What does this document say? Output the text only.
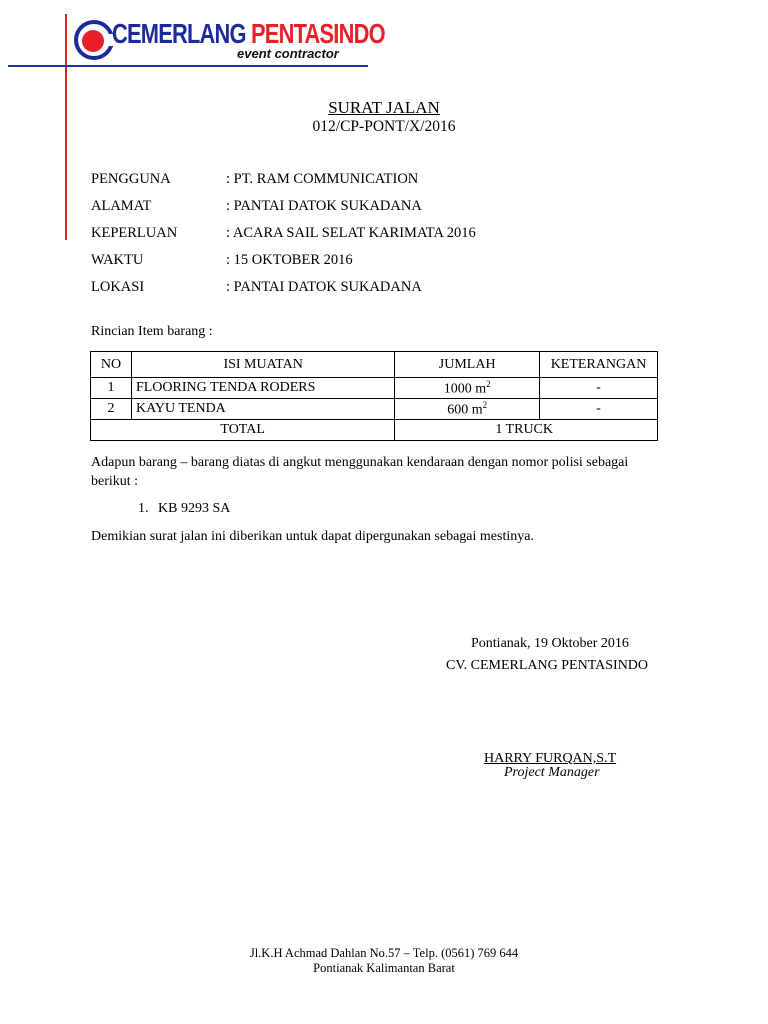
CEMERLANG PENTASINDO
event contractor
SURAT JALAN
012/CP-PONT/X/2016
PENGGUNA	: PT. RAM COMMUNICATION
ALAMAT	: PANTAI DATOK SUKADANA
KEPERLUAN	: ACARA SAIL SELAT KARIMATA 2016
WAKTU	: 15 OKTOBER 2016
LOKASI	: PANTAI DATOK SUKADANA
Rincian Item barang :
NO	ISI MUATAN	JUMLAH	KETERANGAN
1	FLOORING TENDA RODERS	1000 $m^2$	-
2	KAYU TENDA	600 $m^2$	-
TOTAL		1 TRUCK	
Adapun barang – barang diatas di angkut menggunakan kendaraan dengan nomor polisi sebagai
berikut :
1. KB 9293 SA
Demikian surat jalan ini diberikan untuk dapat dipergunakan sebagai mestinya.
Pontianak, 19 Oktober 2016
CV. CEMERLANG PENTASINDO
HARRY FURQAN,S.T
Project Manager
Jl.K.H Achmad Dahlan No.57 – Telp. (0561) 769 644
Pontianak Kalimantan Barat
